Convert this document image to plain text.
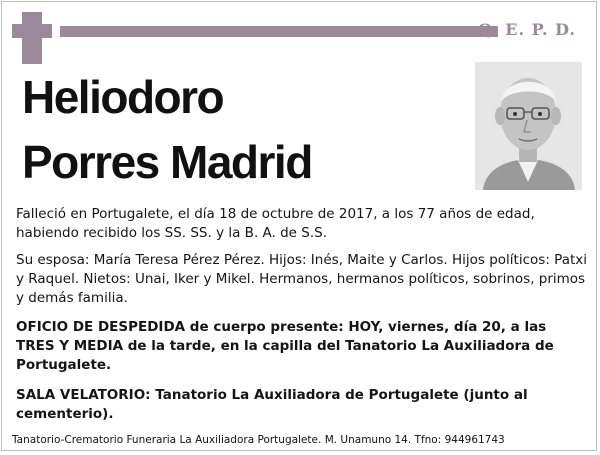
Q. E. P. D.
Heliodoro
Porres Madrid

Falleció en Portugalete, el día 18 de octubre de 2017, a los 77 años de edad, habiendo recibido los SS. SS. y la B. A. de S.S.

Su esposa: María Teresa Pérez Pérez. Hijos: Inés, Maite y Carlos. Hijos políticos: Patxi y Raquel. Nietos: Unai, Iker y Mikel. Hermanos, hermanos políticos, sobrinos, primos y demás familia.

OFICIO DE DESPEDIDA de cuerpo presente: HOY, viernes, día 20, a las TRES Y MEDIA de la tarde, en la capilla del Tanatorio La Auxiliadora de Portugalete.

SALA VELATORIO: Tanatorio La Auxiliadora de Portugalete (junto al cementerio).

Tanatorio-Crematorio Funeraria La Auxiliadora Portugalete. M. Unamuno 14. Tfno: 944961743
